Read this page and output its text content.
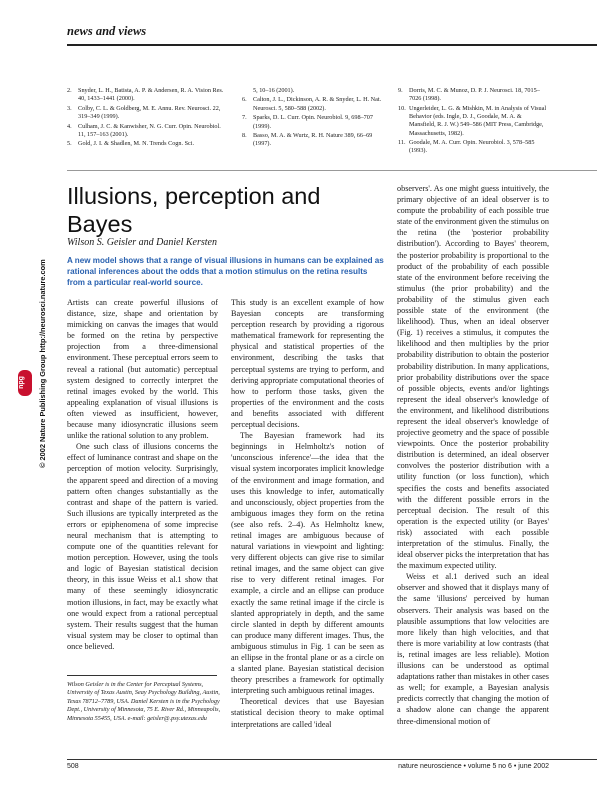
news and views
2. Snyder, L. H., Batista, A. P. & Andersen, R. A. Vision Res. 40, 1433–1441 (2000).
3. Colby, C. L. & Goldberg, M. E. Annu. Rev. Neurosci. 22, 319–349 (1999).
4. Culham, J. C. & Kanwisher, N. G. Curr. Opin. Neurobiol. 11, 157–163 (2001).
5. Gold, J. I. & Shadlen, M. N. Trends Cogn. Sci.
5, 10–16 (2001).
6. Calton, J. L., Dickinson, A. R. & Snyder, L. H. Nat. Neurosci. 5, 580–588 (2002).
7. Sparks, D. L. Curr. Opin. Neurobiol. 9, 698–707 (1999).
8. Basso, M. A. & Wurtz, R. H. Nature 389, 66–69 (1997).
9. Dorris, M. C. & Munoz, D. P. J. Neurosci. 18, 7015–7026 (1998).
10. Ungerleider, L. G. & Mishkin, M. in Analysis of Visual Behavior (eds. Ingle, D. J., Goodale, M. A. & Mansfield, R. J. W.) 549–586 (MIT Press, Cambridge, Massachusetts, 1982).
11. Goodale, M. A. Curr. Opin. Neurobiol. 3, 578–585 (1993).
npg © 2002 Nature Publishing Group http://neurosci.nature.com
Illusions, perception and Bayes
Wilson S. Geisler and Daniel Kersten

A new model shows that a range of visual illusions in humans can be explained as rational inferences about the odds that a motion stimulus on the retina results from a particular real-world source.

Artists can create powerful illusions of distance, size, shape and orientation by mimicking on canvas the images that would be formed on the retina by perspective projection from a three-dimensional environment. These perceptual errors seem to reveal a rational (but automatic) perceptual system designed to correctly interpret the retinal images evoked by the world. This appealing explanation of visual illusions is often viewed as insufficient, however, because many idiosyncratic illusions seem unlike the rational solution to any problem.

One such class of illusions concerns the effect of luminance contrast and shape on the perception of motion velocity. Surprisingly, the apparent speed and direction of a moving pattern often changes substantially as the contrast and shape of the pattern is varied. Such illusions are typically interpreted as the errors or epiphenomena of some imprecise neural mechanism that is attempting to compute one of the quantities relevant for motion perception. However, using the tools and logic of Bayesian statistical decision theory, in this issue Weiss et al.1 show that many of these seemingly idiosyncratic motion illusions, in fact, may be exactly what one would expect from a rational perceptual system. Their results suggest that the human visual system may be closer to optimal than once believed.

This study is an excellent example of how Bayesian concepts are transforming perception research by providing a rigorous mathematical framework for representing the physical and statistical properties of the environment, describing the tasks that perceptual systems are trying to perform, and deriving appropriate computational theories of how to perform those tasks, given the properties of the environment and the costs and benefits associated with different perceptual decisions.

The Bayesian framework had its beginnings in Helmholtz's notion of 'unconscious inference'—the idea that the visual system incorporates implicit knowledge of the environment and image formation, and uses this knowledge to infer, automatically and unconsciously, object properties from the ambiguous images they form on the retina (see also refs. 2–4). As Helmholtz knew, retinal images are ambiguous because of natural variations in viewpoint and lighting: very different objects can give rise to similar retinal images, and the same object can give rise to very different retinal images. For example, a circle and an ellipse can produce exactly the same retinal image if the circle is slanted appropriately in depth, and the same circle slanted in depth by different amounts can produce many different images. Thus, the ambiguous stimulus in Fig. 1 can be seen as an ellipse in the frontal plane or as a circle on a slanted plane. Bayesian statistical decision theory prescribes a framework for optimally interpreting such ambiguous retinal images.

Theoretical devices that use Bayesian statistical decision theory to make optimal interpretations are called 'ideal

observers'. As one might guess intuitively, the primary objective of an ideal observer is to compute the probability of each possible true state of the environment given the stimulus on the retina (the 'posterior probability distribution'). According to Bayes' theorem, the posterior probability is proportional to the product of the probability of each possible state of the environment before receiving the stimulus (the prior probability) and the probability of the stimulus given each possible state of the environment (the likelihood). Thus, when an ideal observer (Fig. 1) receives a stimulus, it computes the likelihood and then multiplies by the prior probability distribution to obtain the posterior probability distribution. In many applications, prior probability distributions over the space of possible objects, events and/or lightings represent the ideal observer's knowledge of the environment, and likelihood distributions represent the ideal observer's knowledge of projective geometry and the space of possible viewpoints. Once the posterior probability distribution is determined, an ideal observer convolves the posterior distribution with a utility function (or loss function), which specifies the costs and benefits associated with the different possible errors in the perceptual decision. The result of this operation is the expected utility (or Bayes' risk) associated with each possible interpretation of the stimulus. Finally, the ideal observer picks the interpretation that has the maximum expected utility.

Weiss et al.1 derived such an ideal observer and showed that it displays many of the same 'illusions' perceived by human observers. Their analysis was based on the plausible assumptions that low velocities are more likely than high velocities, and that there is more variability at low contrasts (that is, retinal images are less reliable). Motion illusions can be understood as optimal adaptations rather than mistakes in other cases as well; for example, a Bayesian analysis predicts correctly that changing the motion of a shadow alone can change the apparent three-dimensional motion of

Wilson Geisler is in the Center for Perceptual Systems, University of Texas Austin, Seay Psychology Building, Austin, Texas 78712–7789, USA. Daniel Kersten is in the Psychology Dept., University of Minnesota, 75 E. River Rd., Minneapolis, Minnesota 55455, USA. e-mail: geisler@.psy.utexas.edu
508	nature neuroscience • volume 5 no 6 • june 2002
